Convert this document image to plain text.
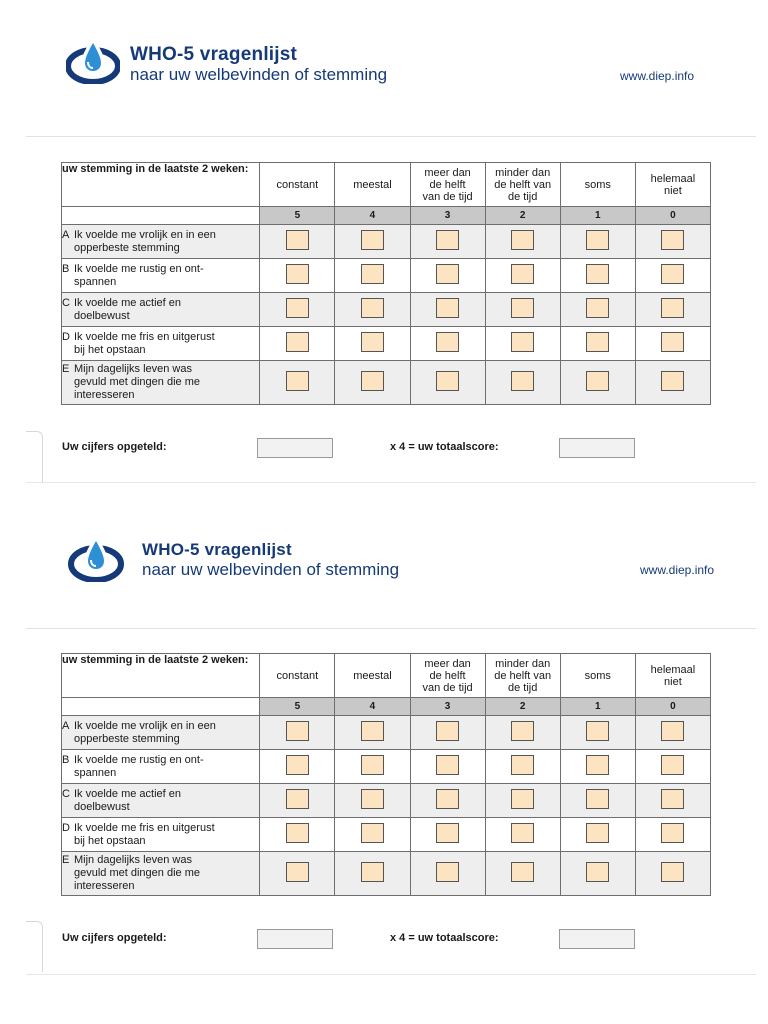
WHO-5 vragenlijst
naar uw welbevinden of stemming	www.diep.info
uw stemming in de laatste 2 weken:	constant	meestal	meer dan
de helft
van de tijd	minder dan
de helft van
de tijd	soms	helemaal
niet
	5	4	3	2	1	0

A Ik voelde me vrolijk en in een
opperbeste stemming						

B Ik voelde me rustig en ont-
spannen						

C Ik voelde me actief en
doelbewust						

D Ik voelde me fris en uitgerust
bij het opstaan						

E Mijn dagelijks leven was
gevuld met dingen die me
interesseren						

Uw cijfers opgeteld:	x 4 = uw totaalscore:
WHO-5 vragenlijst
naar uw welbevinden of stemming	www.diep.info
uw stemming in de laatste 2 weken:	constant	meestal	meer dan
de helft
van de tijd	minder dan
de helft van
de tijd	soms	helemaal
niet
	5	4	3	2	1	0

A Ik voelde me vrolijk en in een
opperbeste stemming						

B Ik voelde me rustig en ont-
spannen						

C Ik voelde me actief en
doelbewust						

D Ik voelde me fris en uitgerust
bij het opstaan						

E Mijn dagelijks leven was
gevuld met dingen die me
interesseren						

Uw cijfers opgeteld:	x 4 = uw totaalscore:
